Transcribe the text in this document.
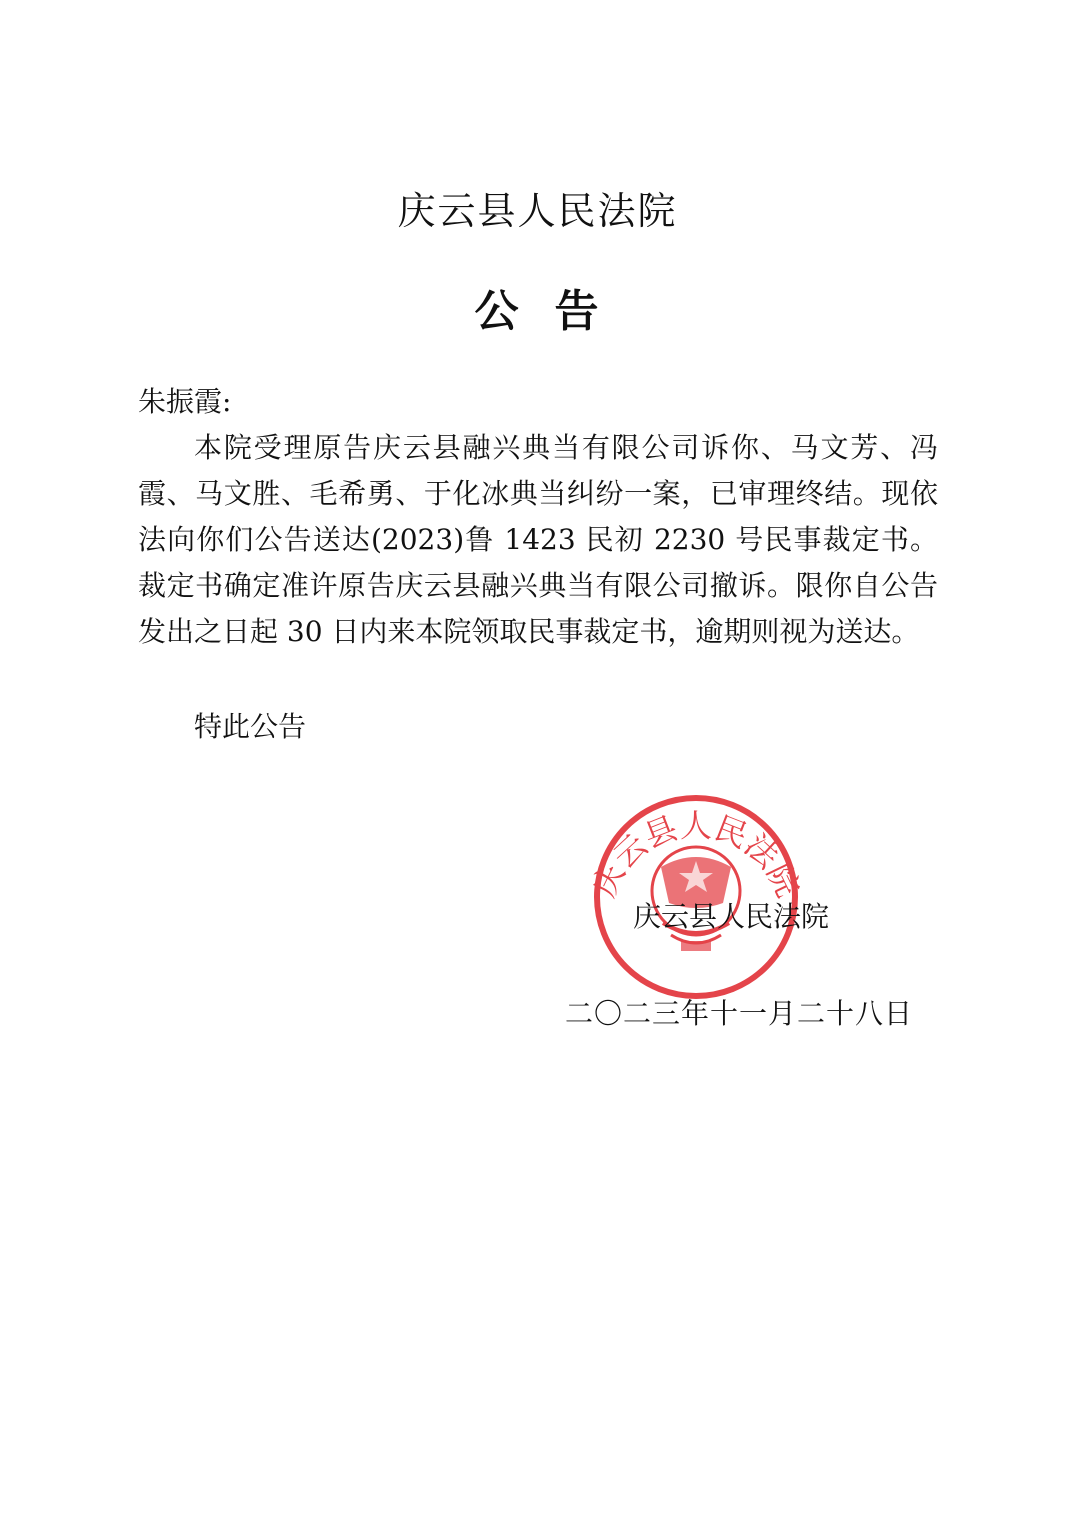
庆云县人民法院
公 告
朱振霞:
本院受理原告庆云县融兴典当有限公司诉你、马文芳、冯霞、马文胜、毛希勇、于化冰典当纠纷一案，已审理终结。现依法向你们公告送达(2023)鲁 1423 民初 2230 号民事裁定书。裁定书确定准许原告庆云县融兴典当有限公司撤诉。限你自公告发出之日起 30 日内来本院领取民事裁定书，逾期则视为送达。
特此公告
庆云县人民法院
庆云县人民法院
二〇二三年十一月二十八日
